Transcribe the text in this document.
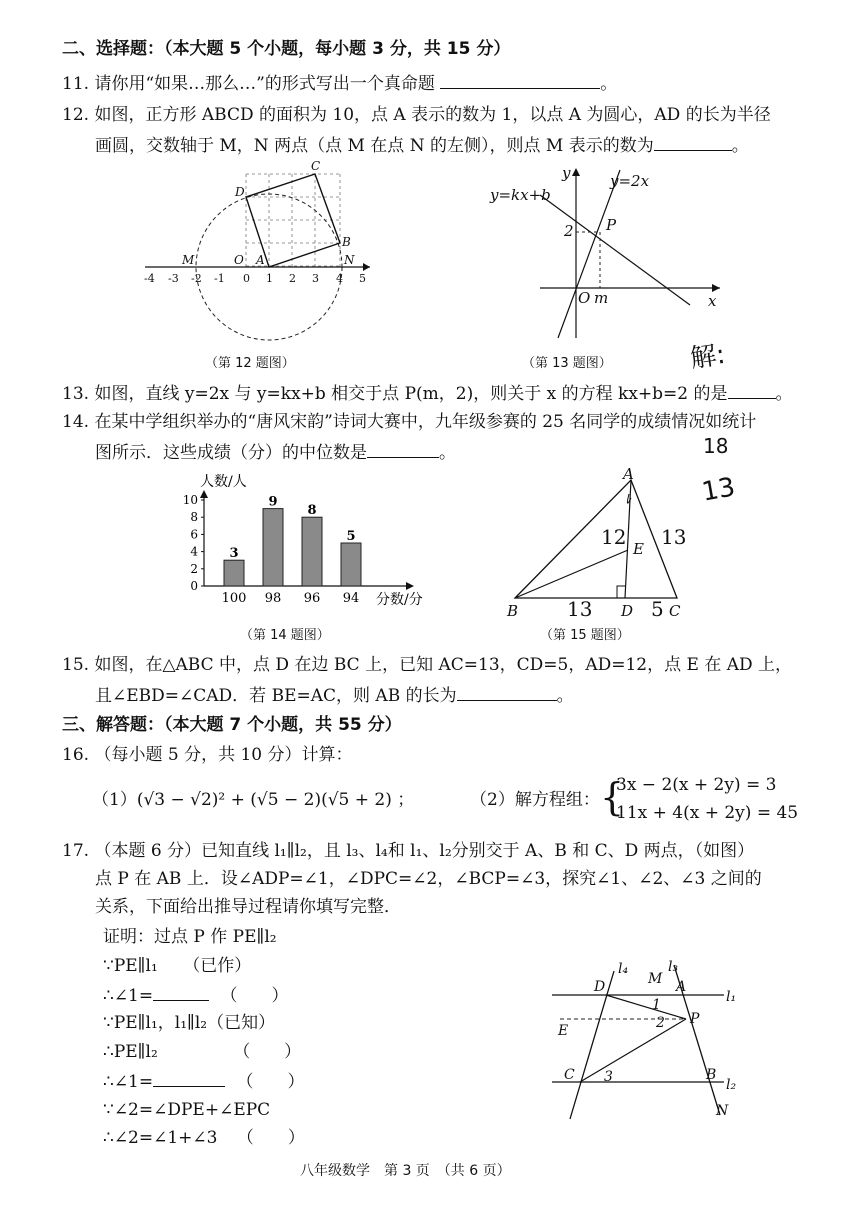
二、选择题：（本大题 5 个小题，每小题 3 分，共 15 分）
11. 请你用“如果…那么…”的形式写出一个真命题	。
12. 如图，正方形 ABCD 的面积为 10，点 A 表示的数为 1，以点 A 为圆心，AD 的长为半径
画圆，交数轴于 M，N 两点（点 M 在点 N 的左侧），则点 M 表示的数为	。
-4 -3 -2 -1 0 1 2 3 4 5
C
D
B
A
O
M	N
（第 12 题图）
y=kx+b
y=2x
y
x
P
2
O m
（第 13 题图）	解:
18
13
13. 如图，直线 y=2x 与 y=kx+b 相交于点 P(m，2)，则关于 x 的方程 kx+b=2 的是	。
14. 在某中学组织举办的“唐风宋韵”诗词大赛中，九年级参赛的 25 名同学的成绩情况如统计
图所示．这些成绩（分）的中位数是	。
人数/人
分数/分
0
2
4
6
8
10
3
100
9
98
8
96
5
94
（第 14 题图）
A
B	C
D
E
12 13
13	5
（第 15 题图）
15. 如图，在△ABC 中，点 D 在边 BC 上，已知 AC=13，CD=5，AD=12，点 E 在 AD 上，
且∠EBD=∠CAD．若 BE=AC，则 AB 的长为	。
三、解答题：（本大题 7 个小题，共 55 分）
16. （每小题 5 分，共 10 分）计算：
（1）(√3 − √2)² + (√5 − 2)(√5 + 2) ；	（2）解方程组： {
3x − 2(x + 2y) = 3
11x + 4(x + 2y) = 45
17. （本题 6 分）已知直线 l₁∥l₂，且 l₃、l₄和 l₁、l₂分别交于 A、B 和 C、D 两点，（如图）
点 P 在 AB 上．设∠ADP=∠1，∠DPC=∠2，∠BCP=∠3，探究∠1、∠2、∠3 之间的
关系，下面给出推导过程请你填写完整．
证明：过点 P 作 PE∥l₂
∵PE∥l₁　　（已作）
∴∠1=	（　　）
∵PE∥l₁，l₁∥l₂（已知）
∴PE∥l₂	（　　）
∴∠1=	（　　）
∵∠2=∠DPE+∠EPC
∴∠2=∠1+∠3 （　　）
l₄	l₃
M
D	A
l₁
1
E	2 P
C 3	B
l₂
N
八年级数学　第 3 页　（共 6 页）
